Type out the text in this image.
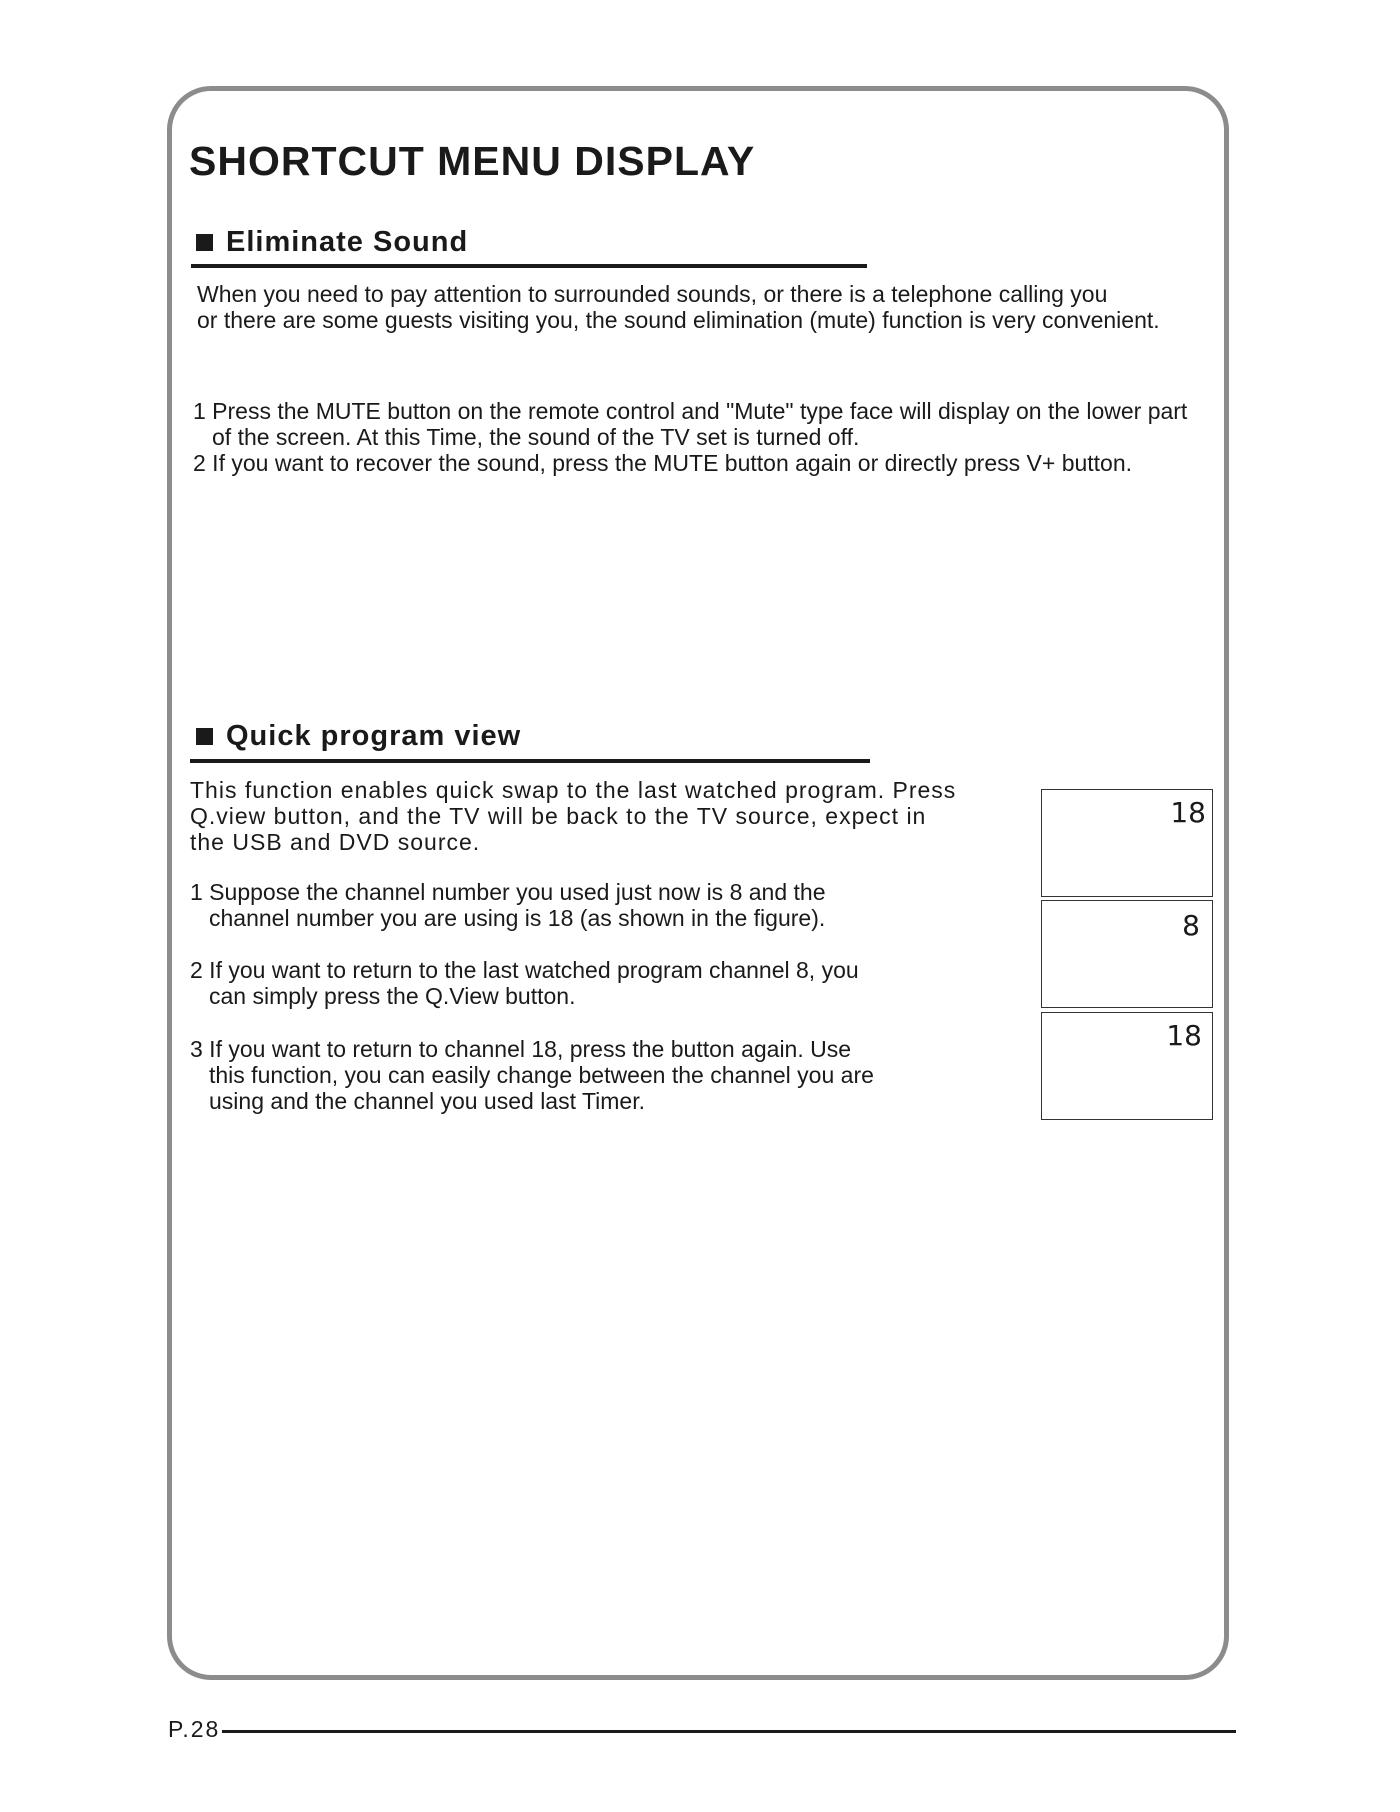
SHORTCUT MENU DISPLAY
Eliminate Sound

When you need to pay attention to surrounded sounds, or there is a telephone calling you
or there are some guests visiting you, the sound elimination (mute) function is very convenient.

1 Press the MUTE button on the remote control and "Mute" type face will display on the lower part
of the screen. At this Time, the sound of the TV set is turned off.
2 If you want to recover the sound, press the MUTE button again or directly press V+ button.
Quick program view

This function enables quick swap to the last watched program. Press
Q.view button, and the TV will be back to the TV source, expect in
the USB and DVD source.

1 Suppose the channel number you used just now is 8 and the
channel number you are using is 18 (as shown in the figure).
2 If you want to return to the last watched program channel 8, you
can simply press the Q.View button.
3 If you want to return to channel 18, press the button again. Use
this function, you can easily change between the channel you are
using and the channel you used last Timer.
18
8
18

P.28
